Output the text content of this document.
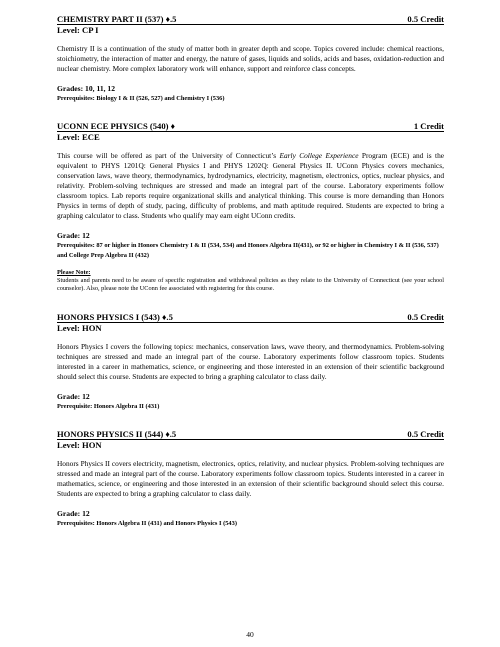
CHEMISTRY PART II (537) ♦.5	0.5 Credit

Level: CP I

Chemistry II is a continuation of the study of matter both in greater depth and scope. Topics covered include: chemical reactions, stoichiometry, the interaction of matter and energy, the nature of gases, liquids and solids, acids and bases, oxidation-reduction and nuclear chemistry. More complex laboratory work will enhance, support and reinforce class concepts.

Grades: 10, 11, 12

Prerequisites: Biology I & II (526, 527) and Chemistry I (536)

UCONN ECE PHYSICS (540) ♦	1 Credit

Level: ECE

This course will be offered as part of the University of Connecticut’s Early College Experience Program (ECE) and is the equivalent to PHYS 1201Q: General Physics I and PHYS 1202Q: General Physics II. UConn Physics covers mechanics, conservation laws, wave theory, thermodynamics, hydrodynamics, electricity, magnetism, electronics, optics, nuclear physics, and relativity. Problem-solving techniques are stressed and made an integral part of the course. Laboratory experiments follow classroom topics. Lab reports require organizational skills and analytical thinking. This course is more demanding than Honors Physics in terms of depth of study, pacing, difficulty of problems, and math aptitude required. Students are expected to bring a graphing calculator to class. Students who qualify may earn eight UConn credits.

Grade: 12

Prerequisites: 87 or higher in Honors Chemistry I & II (534, 534) and Honors Algebra II(431), or 92 or higher in Chemistry I & II (536, 537) and College Prep Algebra II (432)

Please Note:

Students and parents need to be aware of specific registration and withdrawal policies as they relate to the University of Connecticut (see your school counselor). Also, please note the UConn fee associated with registering for this course.

HONORS PHYSICS I (543) ♦.5	0.5 Credit

Level: HON

Honors Physics I covers the following topics: mechanics, conservation laws, wave theory, and thermodynamics. Problem-solving techniques are stressed and made an integral part of the course. Laboratory experiments follow classroom topics. Students interested in a career in mathematics, science, or engineering and those interested in an extension of their scientific background should select this course. Students are expected to bring a graphing calculator to class daily.

Grade: 12

Prerequisite: Honors Algebra II (431)

HONORS PHYSICS II (544) ♦.5	0.5 Credit

Level: HON

Honors Physics II covers electricity, magnetism, electronics, optics, relativity, and nuclear physics. Problem-solving techniques are stressed and made an integral part of the course. Laboratory experiments follow classroom topics. Students interested in a career in mathematics, science, or engineering and those interested in an extension of their scientific background should select this course. Students are expected to bring a graphing calculator to class daily.

Grade: 12

Prerequisites: Honors Algebra II (431) and Honors Physics I (543)

40
